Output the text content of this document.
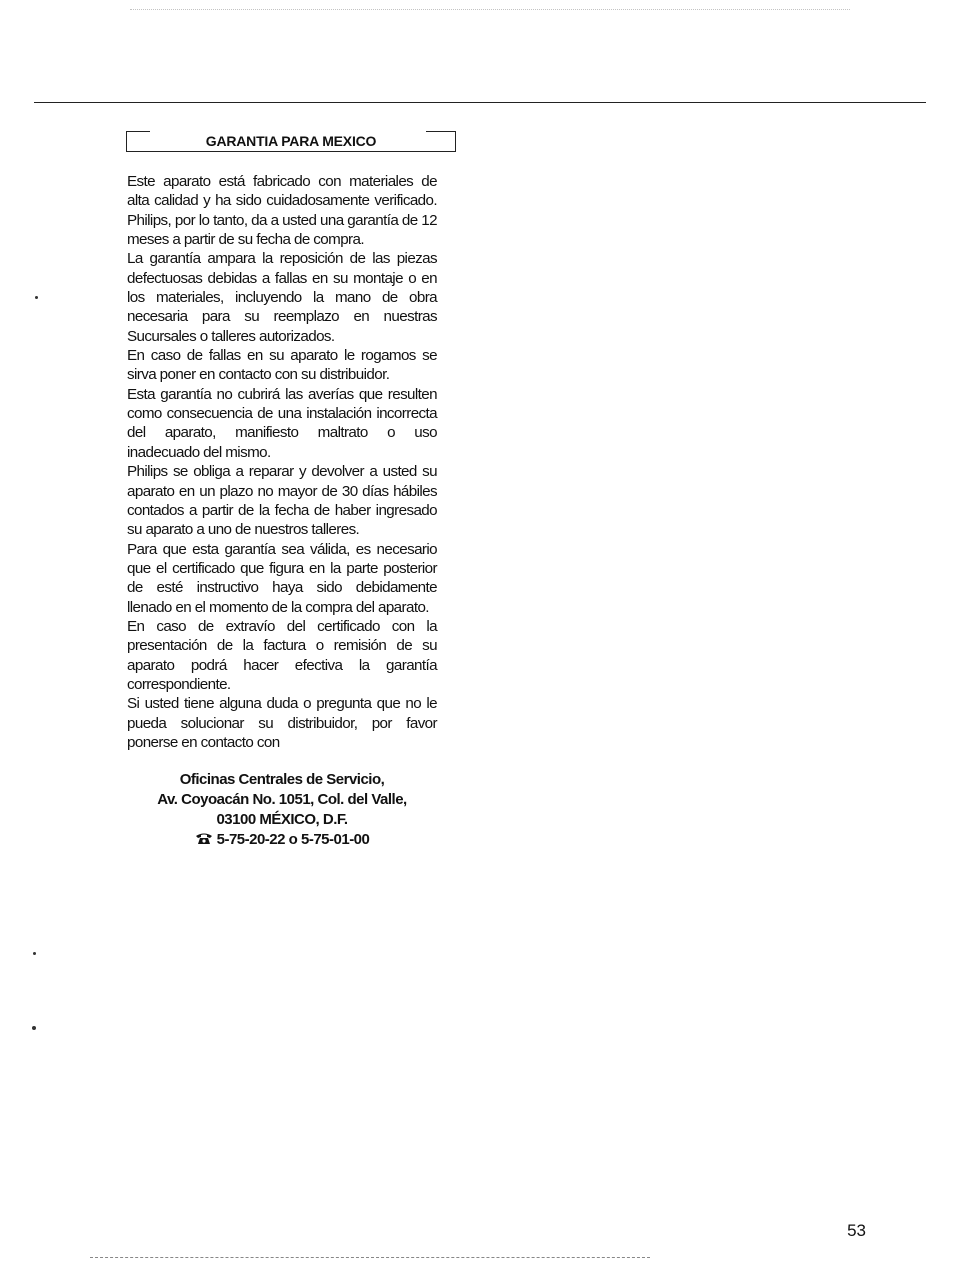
GARANTIA PARA MEXICO
Este aparato está fabricado con materiales de
alta calidad y ha sido cuidadosamente verificado.
Philips, por lo tanto, da a usted una garantía de 12
meses a partir de su fecha de compra.
La garantía ampara la reposición de las piezas
defectuosas debidas a fallas en su montaje o en
los materiales, incluyendo la mano de obra
necesaria para su reemplazo en nuestras
Sucursales o talleres autorizados.
En caso de fallas en su aparato le rogamos se
sirva poner en contacto con su distribuidor.
Esta garantía no cubrirá las averías que resulten
como consecuencia de una instalación incorrecta
del aparato, manifiesto maltrato o uso
inadecuado del mismo.
Philips se obliga a reparar y devolver a usted su
aparato en un plazo no mayor de 30 días hábiles
contados a partir de la fecha de haber ingresado
su aparato a uno de nuestros talleres.
Para que esta garantía sea válida, es necesario
que el certificado que figura en la parte posterior
de esté instructivo haya sido debidamente
llenado en el momento de la compra del aparato.
En caso de extravío del certificado con la
presentación de la factura o remisión de su
aparato podrá hacer efectiva la garantía
correspondiente.
Si usted tiene alguna duda o pregunta que no le
pueda solucionar su distribuidor, por favor
ponerse en contacto con
Oficinas Centrales de Servicio,
Av. Coyoacán No. 1051, Col. del Valle,
03100 MÉXICO, D.F.
5-75-20-22 o 5-75-01-00
53
